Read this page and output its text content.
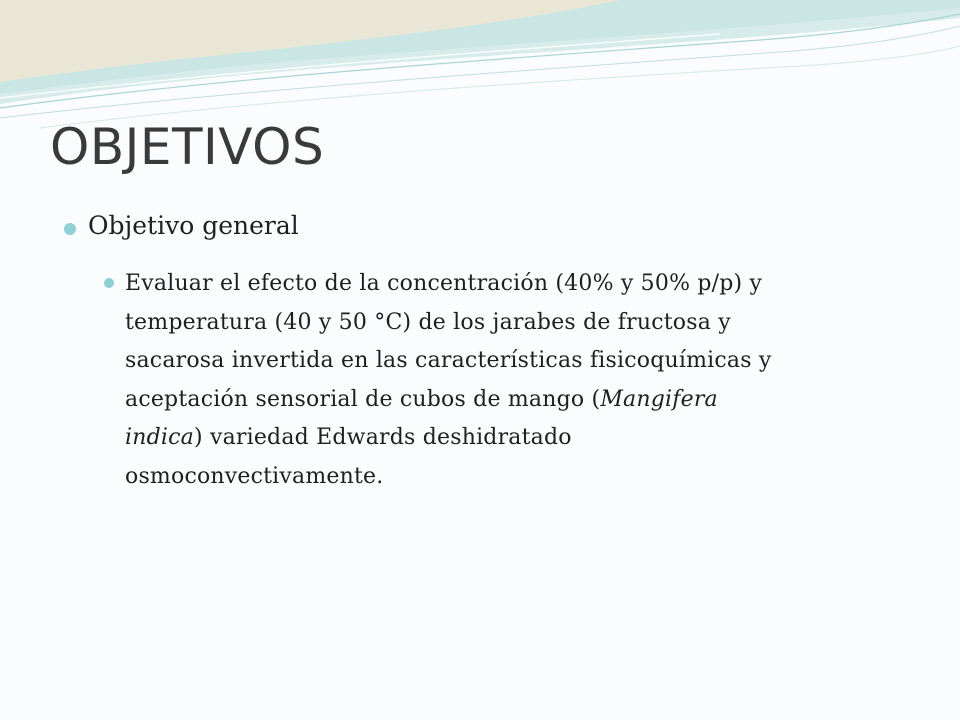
OBJETIVOS
Objetivo general
Evaluar el efecto de la concentración (40% y 50% p/p) y
temperatura (40 y 50 °C) de los jarabes de fructosa y
sacarosa invertida en las características fisicoquímicas y
aceptación sensorial de cubos de mango (Mangifera
indica) variedad Edwards deshidratado
osmoconvectivamente.
